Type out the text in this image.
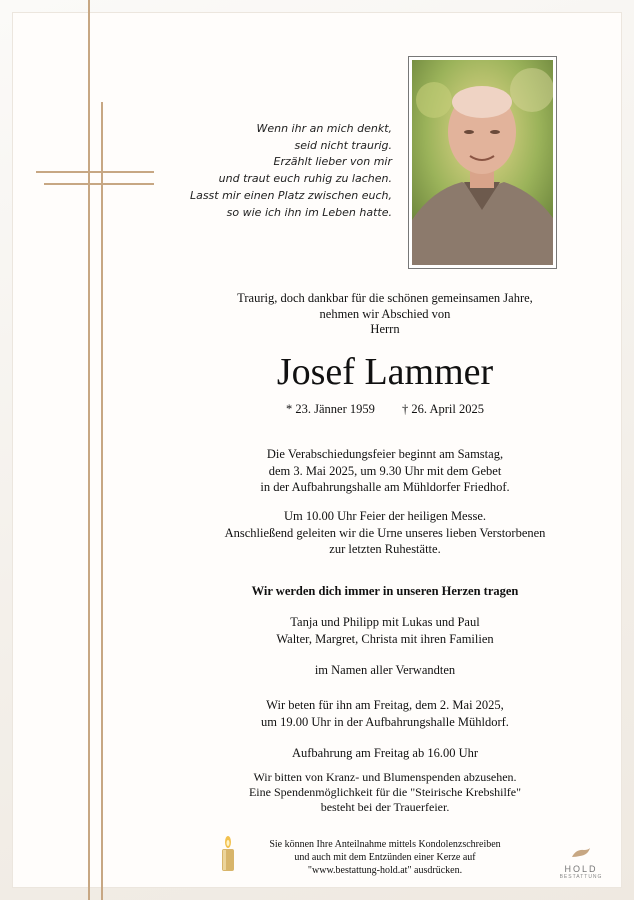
Wenn ihr an mich denkt,
seid nicht traurig.
Erzählt lieber von mir
und traut euch ruhig zu lachen.
Lasst mir einen Platz zwischen euch,
so wie ich ihn im Leben hatte.
Traurig, doch dankbar für die schönen gemeinsamen Jahre,
nehmen wir Abschied von
Herrn
Josef Lammer
* 23. Jänner 1959 † 26. April 2025
Die Verabschiedungsfeier beginnt am Samstag,
dem 3. Mai 2025, um 9.30 Uhr mit dem Gebet
in der Aufbahrungshalle am Mühldorfer Friedhof.
Um 10.00 Uhr Feier der heiligen Messe.
Anschließend geleiten wir die Urne unseres lieben Verstorbenen
zur letzten Ruhestätte.
Wir werden dich immer in unseren Herzen tragen
Tanja und Philipp mit Lukas und Paul
Walter, Margret, Christa mit ihren Familien
im Namen aller Verwandten
Wir beten für ihn am Freitag, dem 2. Mai 2025,
um 19.00 Uhr in der Aufbahrungshalle Mühldorf.
Aufbahrung am Freitag ab 16.00 Uhr
Wir bitten von Kranz- und Blumenspenden abzusehen.
Eine Spendenmöglichkeit für die "Steirische Krebshilfe"
besteht bei der Trauerfeier.
Sie können Ihre Anteilnahme mittels Kondolenzschreiben
und auch mit dem Entzünden einer Kerze auf
"www.bestattung-hold.at" ausdrücken.	HOLD
BESTATTUNG
